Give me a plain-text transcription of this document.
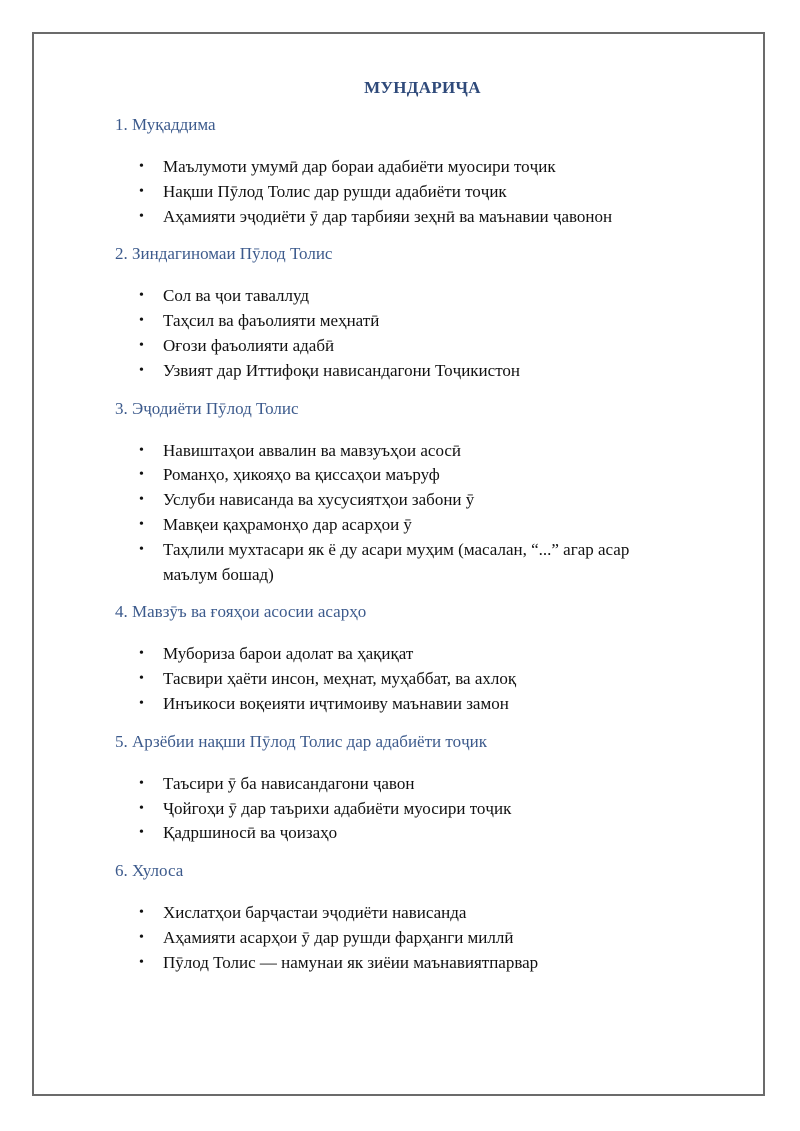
МУНДАРИҶА
1. Муқаддима
• Маълумоти умумӣ дар бораи адабиёти муосири тоҷик
• Нақши Пӯлод Толис дар рушди адабиёти тоҷик
• Аҳамияти эҷодиёти ӯ дар тарбияи зеҳнӣ ва маънавии ҷавонон
2. Зиндагиномаи Пӯлод Толис
• Сол ва ҷои таваллуд
• Таҳсил ва фаъолияти меҳнатӣ
• Оғози фаъолияти адабӣ
• Узвият дар Иттифоқи нависандагони Тоҷикистон
3. Эҷодиёти Пӯлод Толис
• Навиштаҳои аввалин ва мавзуъҳои асосӣ
• Романҳо, ҳикояҳо ва қиссаҳои маъруф
• Услуби нависанда ва хусусиятҳои забони ӯ
• Мавқеи қаҳрамонҳо дар асарҳои ӯ
• Таҳлили мухтасари як ё ду асари муҳим (масалан, “...” агар асар маълум бошад)
4. Мавзӯъ ва ғояҳои асосии асарҳо
• Мубориза барои адолат ва ҳақиқат
• Тасвири ҳаёти инсон, меҳнат, муҳаббат, ва ахлоқ
• Инъикоси воқеияти иҷтимоиву маънавии замон
5. Арзёбии нақши Пӯлод Толис дар адабиёти тоҷик
• Таъсири ӯ ба нависандагони ҷавон
• Ҷойгоҳи ӯ дар таърихи адабиёти муосири тоҷик
• Қадршиносӣ ва ҷоизаҳо
6. Хулоса
• Хислатҳои барҷастаи эҷодиёти нависанда
• Аҳамияти асарҳои ӯ дар рушди фарҳанги миллӣ
• Пӯлод Толис — намунаи як зиёии маънавиятпарвар
